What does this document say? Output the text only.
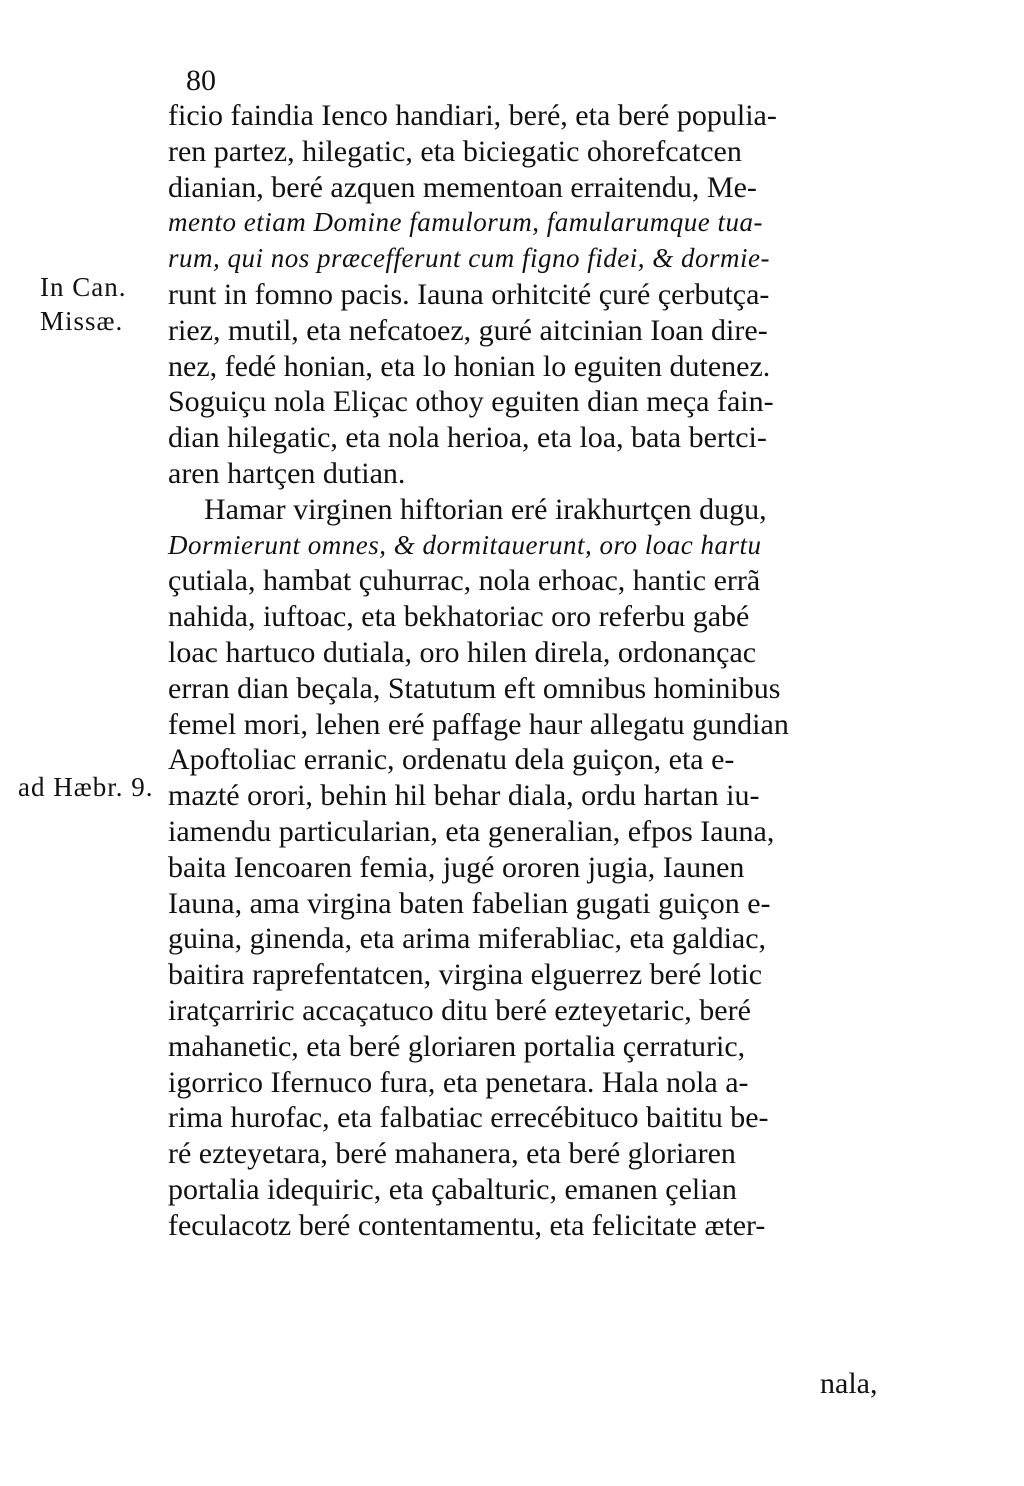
80
In Can. Missæ.
ad Hæbr. 9.
ficio faindia Ienco handiari, beré, eta beré populia-
ren partez, hilegatic, eta biciegatic ohorefcatcen
dianian, beré azquen mementoan erraitendu, Me-
mento etiam Domine famulorum, famularumque tua-
rum, qui nos præcefferunt cum figno fidei, & dormie-
runt in fomno pacis. Iauna orhitcité çuré çerbutça-
riez, mutil, eta nefcatoez, guré aitcinian Ioan dire-
nez, fedé honian, eta lo honian lo eguiten dutenez.
Soguiçu nola Eliçac othoy eguiten dian meça fain-
dian hilegatic, eta nola herioa, eta loa, bata bertci-
aren hartçen dutian.
Hamar virginen hiftorian eré irakhurtçen dugu,
Dormierunt omnes, & dormitauerunt, oro loac hartu
çutiala, hambat çuhurrac, nola erhoac, hantic errã
nahida, iuftoac, eta bekhatoriac oro referbu gabé
loac hartuco dutiala, oro hilen direla, ordonançac
erran dian beçala, Statutum eft omnibus hominibus
femel mori, lehen eré paffage haur allegatu gundian
Apoftoliac erranic, ordenatu dela guiçon, eta e-
mazté orori, behin hil behar diala, ordu hartan iu-
iamendu particularian, eta generalian, efpos Iauna,
baita Iencoaren femia, jugé ororen jugia, Iaunen
Iauna, ama virgina baten fabelian gugati guiçon e-
guina, ginenda, eta arima miferabliac, eta galdiac,
baitira raprefentatcen, virgina elguerrez beré lotic
iratçarriric accaçatuco ditu beré ezteyetaric, beré
mahanetic, eta beré gloriaren portalia çerraturic,
igorrico Ifernuco fura, eta penetara. Hala nola a-
rima hurofac, eta falbatiac errecébituco baititu be-
ré ezteyetara, beré mahanera, eta beré gloriaren
portalia idequiric, eta çabalturic, emanen çelian
feculacotz beré contentamentu, eta felicitate æter-
nala,
